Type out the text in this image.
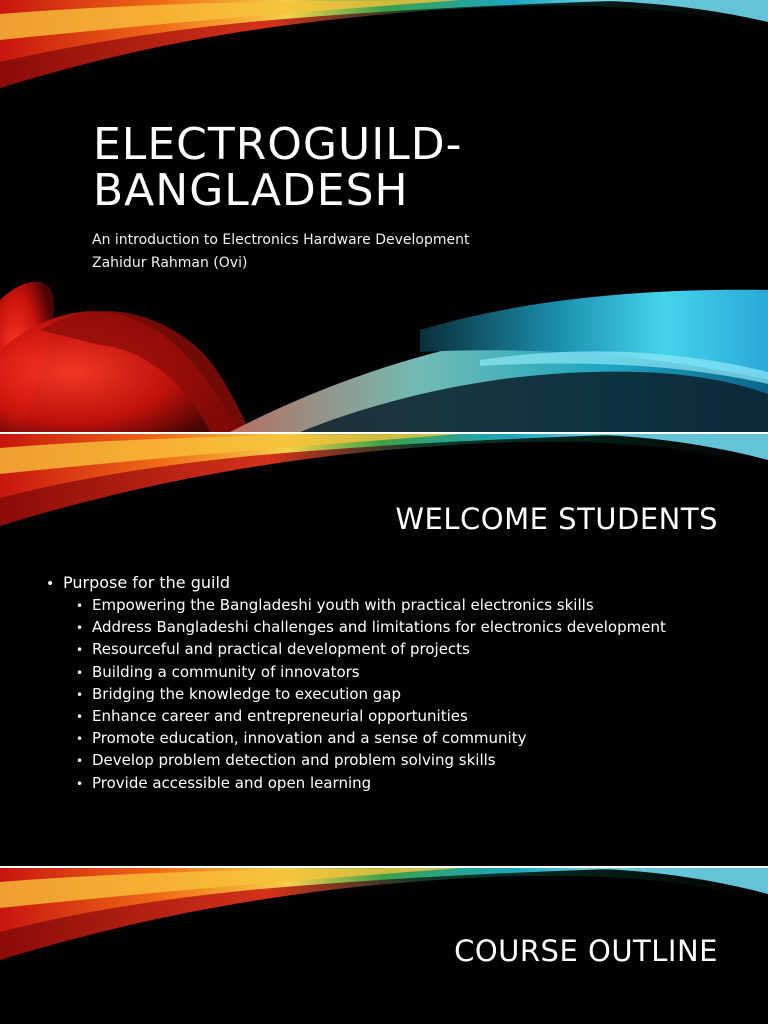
ELECTROGUILD-
BANGLADESH

An introduction to Electronics Hardware Development

Zahidur Rahman (Ovi)

WELCOME STUDENTS
• Purpose for the guild
• Empowering the Bangladeshi youth with practical electronics skills
• Address Bangladeshi challenges and limitations for electronics development
• Resourceful and practical development of projects
• Building a community of innovators
• Bridging the knowledge to execution gap
• Enhance career and entrepreneurial opportunities
• Promote education, innovation and a sense of community
• Develop problem detection and problem solving skills
• Provide accessible and open learning
COURSE OUTLINE
